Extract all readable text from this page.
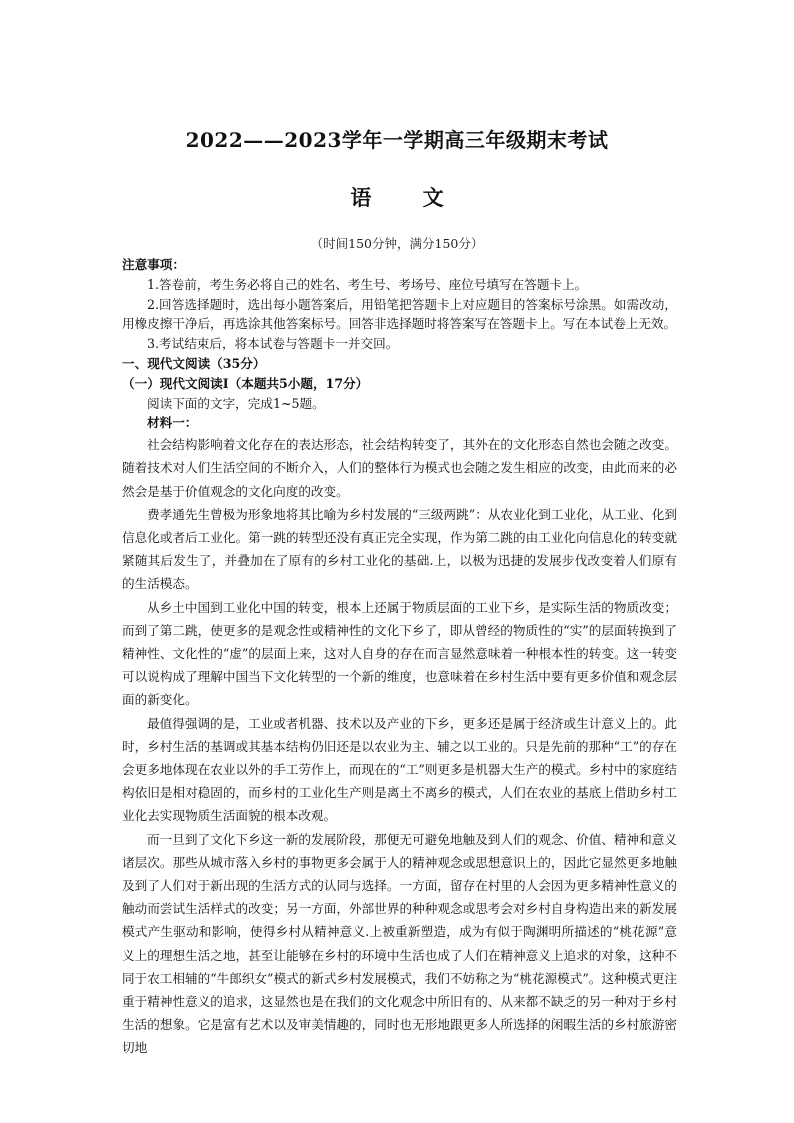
2022——2023学年一学期高三年级期末考试
语 文
（时间150分钟，满分150分）

注意事项：

1.答卷前，考生务必将自己的姓名、考生号、考场号、座位号填写在答题卡上。

2.回答选择题时，选出每小题答案后，用铅笔把答题卡上对应题目的答案标号涂黑。如需改动，用橡皮擦干净后，再选涂其他答案标号。回答非选择题时将答案写在答题卡上。写在本试卷上无效。

3.考试结束后，将本试卷与答题卡一并交回。

一、现代文阅读（35分）

（一）现代文阅读Ⅰ（本题共5小题，17分）

阅读下面的文字，完成1~5题。

材料一：

社会结构影响着文化存在的表达形态，社会结构转变了，其外在的文化形态自然也会随之改变。随着技术对人们生活空间的不断介入，人们的整体行为模式也会随之发生相应的改变，由此而来的必然会是基于价值观念的文化向度的改变。

费孝通先生曾极为形象地将其比喻为乡村发展的“三级两跳”：从农业化到工业化，从工业、化到信息化或者后工业化。第一跳的转型还没有真正完全实现，作为第二跳的由工业化向信息化的转变就紧随其后发生了，并叠加在了原有的乡村工业化的基础.上，以极为迅捷的发展步伐改变着人们原有的生活模态。

从乡土中国到工业化中国的转变，根本上还属于物质层面的工业下乡，是实际生活的物质改变；而到了第二跳，使更多的是观念性或精神性的文化下乡了，即从曾经的物质性的“实”的层面转换到了精神性、文化性的“虚”的层面上来，这对人自身的存在而言显然意味着一种根本性的转变。这一转变可以说构成了理解中国当下文化转型的一个新的维度，也意味着在乡村生活中要有更多价值和观念层面的新变化。

最值得强调的是，工业或者机器、技术以及产业的下乡，更多还是属于经济或生计意义上的。此时，乡村生活的基调或其基本结构仍旧还是以农业为主、辅之以工业的。只是先前的那种“工”的存在会更多地体现在农业以外的手工劳作上，而现在的“工”则更多是机器大生产的模式。乡村中的家庭结构依旧是相对稳固的，而乡村的工业化生产则是离土不离乡的模式，人们在农业的基底上借助乡村工业化去实现物质生活面貌的根本改观。

而一旦到了文化下乡这一新的发展阶段，那便无可避免地触及到人们的观念、价值、精神和意义诸层次。那些从城市落入乡村的事物更多会属于人的精神观念或思想意识上的，因此它显然更多地触及到了人们对于新出现的生活方式的认同与选择。一方面，留存在村里的人会因为更多精神性意义的触动而尝试生活样式的改变；另一方面，外部世界的种种观念或思考会对乡村自身构造出来的新发展模式产生驱动和影响，使得乡村从精神意义.上被重新塑造，成为有似于陶渊明所描述的“桃花源”意义上的理想生活之地，甚至让能够在乡村的环境中生活也成了人们在精神意义上追求的对象，这种不同于农工相辅的“牛郎织女”模式的新式乡村发展模式，我们不妨称之为“桃花源模式”。这种模式更注重于精神性意义的追求，这显然也是在我们的文化观念中所旧有的、从来都不缺乏的另一种对于乡村生活的想象。它是富有艺术以及审美情趣的，同时也无形地跟更多人所选择的闲暇生活的乡村旅游密切地
